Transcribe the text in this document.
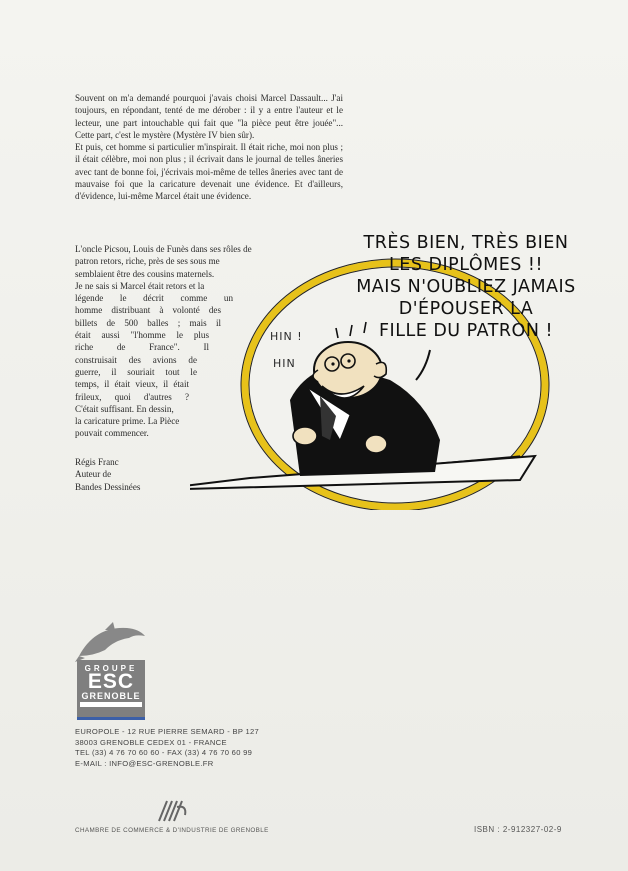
Souvent on m'a demandé pourquoi j'avais choisi Marcel Dassault... J'ai toujours, en répondant, tenté de me dérober : il y a entre l'auteur et le lecteur, une part intouchable qui fait que "la pièce peut être jouée"... Cette part, c'est le mystère (Mystère IV bien sûr).

Et puis, cet homme si particulier m'inspirait. Il était riche, moi non plus ; il était célèbre, moi non plus ; il écrivait dans le journal de telles âneries avec tant de bonne foi, j'écrivais moi-même de telles âneries avec tant de mauvaise foi que la caricature devenait une évidence. Et d'ailleurs, d'évidence, lui-même Marcel était une évidence.

L'oncle Picsou, Louis de Funès dans ses rôles de

patron retors, riche, près de ses sous me

semblaient être des cousins maternels.

Je ne sais si Marcel était retors et la

légende le décrit comme un

homme distribuant à volonté des

billets de 500 balles ; mais il

était aussi "l'homme le plus

riche de France". Il

construisait des avions de

guerre, il souriait tout le

temps, il était vieux, il était

frileux, quoi d'autres ?

C'était suffisant. En dessin,

la caricature prime. La Pièce

pouvait commencer.

Régis Franc

Auteur de

Bandes Dessinées

TRÈS BIEN, TRÈS BIEN
LES DIPLÔMES !!
MAIS N'OUBLIEZ JAMAIS
D'ÉPOUSER LA
FILLE DU PATRON !
HIN !
HIN
GROUPE
ESC
GRENOBLE

EUROPOLE - 12 RUE PIERRE SEMARD - BP 127
38003 GRENOBLE CEDEX 01 - FRANCE
TEL (33) 4 76 70 60 60 - FAX (33) 4 76 70 60 99
E-MAIL : INFO@ESC-GRENOBLE.FR
CHAMBRE DE COMMERCE & D'INDUSTRIE DE GRENOBLE	ISBN : 2-912327-02-9
